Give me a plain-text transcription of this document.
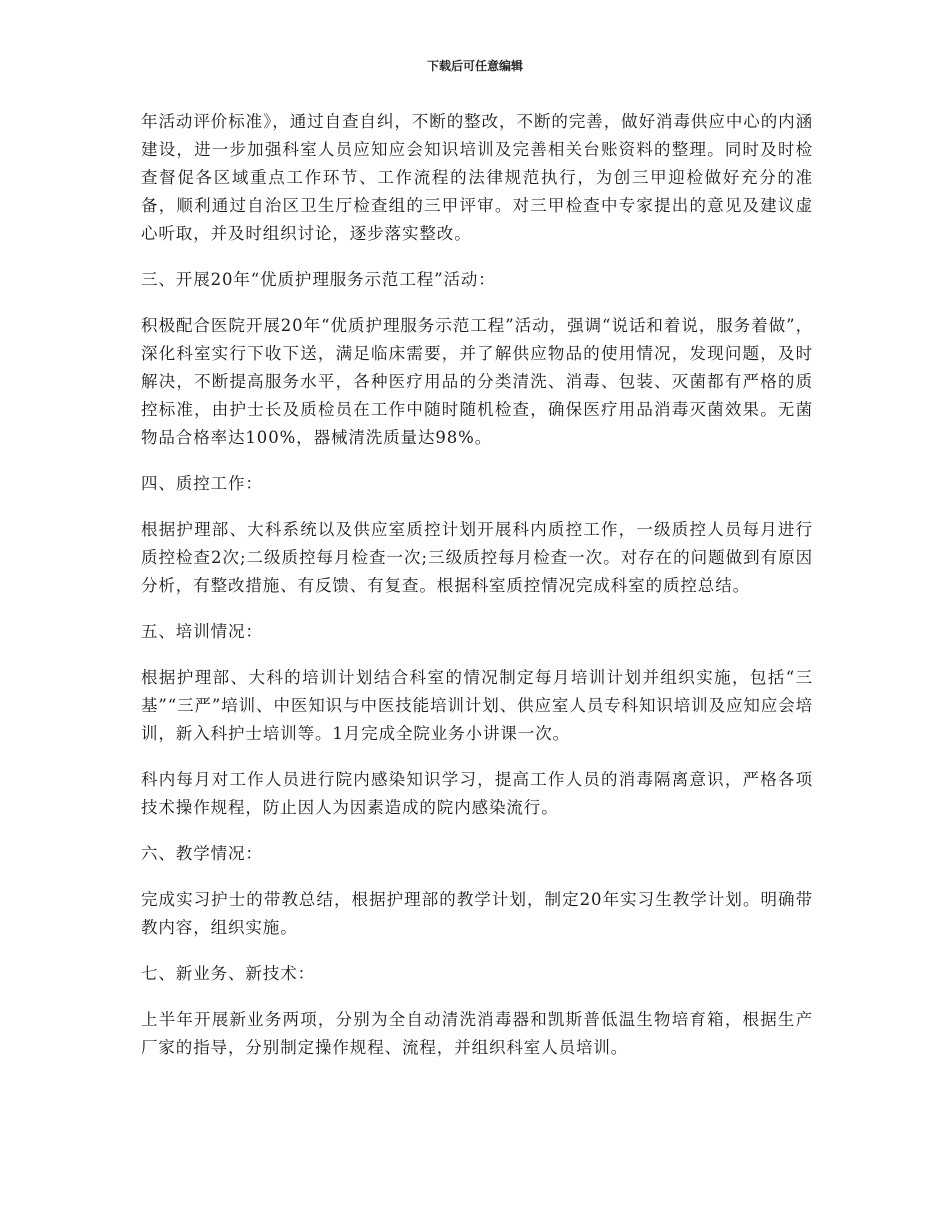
下载后可任意编辑

年活动评价标准》，通过自查自纠，不断的整改，不断的完善，做好消毒供应中心的内涵建设，进一步加强科室人员应知应会知识培训及完善相关台账资料的整理。同时及时检查督促各区域重点工作环节、工作流程的法律规范执行，为创三甲迎检做好充分的准备，顺利通过自治区卫生厅检查组的三甲评审。对三甲检查中专家提出的意见及建议虚心听取，并及时组织讨论，逐步落实整改。

三、开展20年“优质护理服务示范工程”活动：

积极配合医院开展20年“优质护理服务示范工程”活动，强调“说话和着说，服务着做”，深化科室实行下收下送，满足临床需要，并了解供应物品的使用情况，发现问题，及时解决，不断提高服务水平，各种医疗用品的分类清洗、消毒、包装、灭菌都有严格的质控标准，由护士长及质检员在工作中随时随机检查，确保医疗用品消毒灭菌效果。无菌物品合格率达100%，器械清洗质量达98%。

四、质控工作：

根据护理部、大科系统以及供应室质控计划开展科内质控工作，一级质控人员每月进行质控检查2次;二级质控每月检查一次;三级质控每月检查一次。对存在的问题做到有原因分析，有整改措施、有反馈、有复查。根据科室质控情况完成科室的质控总结。

五、培训情况：

根据护理部、大科的培训计划结合科室的情况制定每月培训计划并组织实施，包括“三基”“三严”培训、中医知识与中医技能培训计划、供应室人员专科知识培训及应知应会培训，新入科护士培训等。1月完成全院业务小讲课一次。

科内每月对工作人员进行院内感染知识学习，提高工作人员的消毒隔离意识，严格各项技术操作规程，防止因人为因素造成的院内感染流行。

六、教学情况：

完成实习护士的带教总结，根据护理部的教学计划，制定20年实习生教学计划。明确带教内容，组织实施。

七、新业务、新技术：

上半年开展新业务两项，分别为全自动清洗消毒器和凯斯普低温生物培育箱，根据生产厂家的指导，分别制定操作规程、流程，并组织科室人员培训。
